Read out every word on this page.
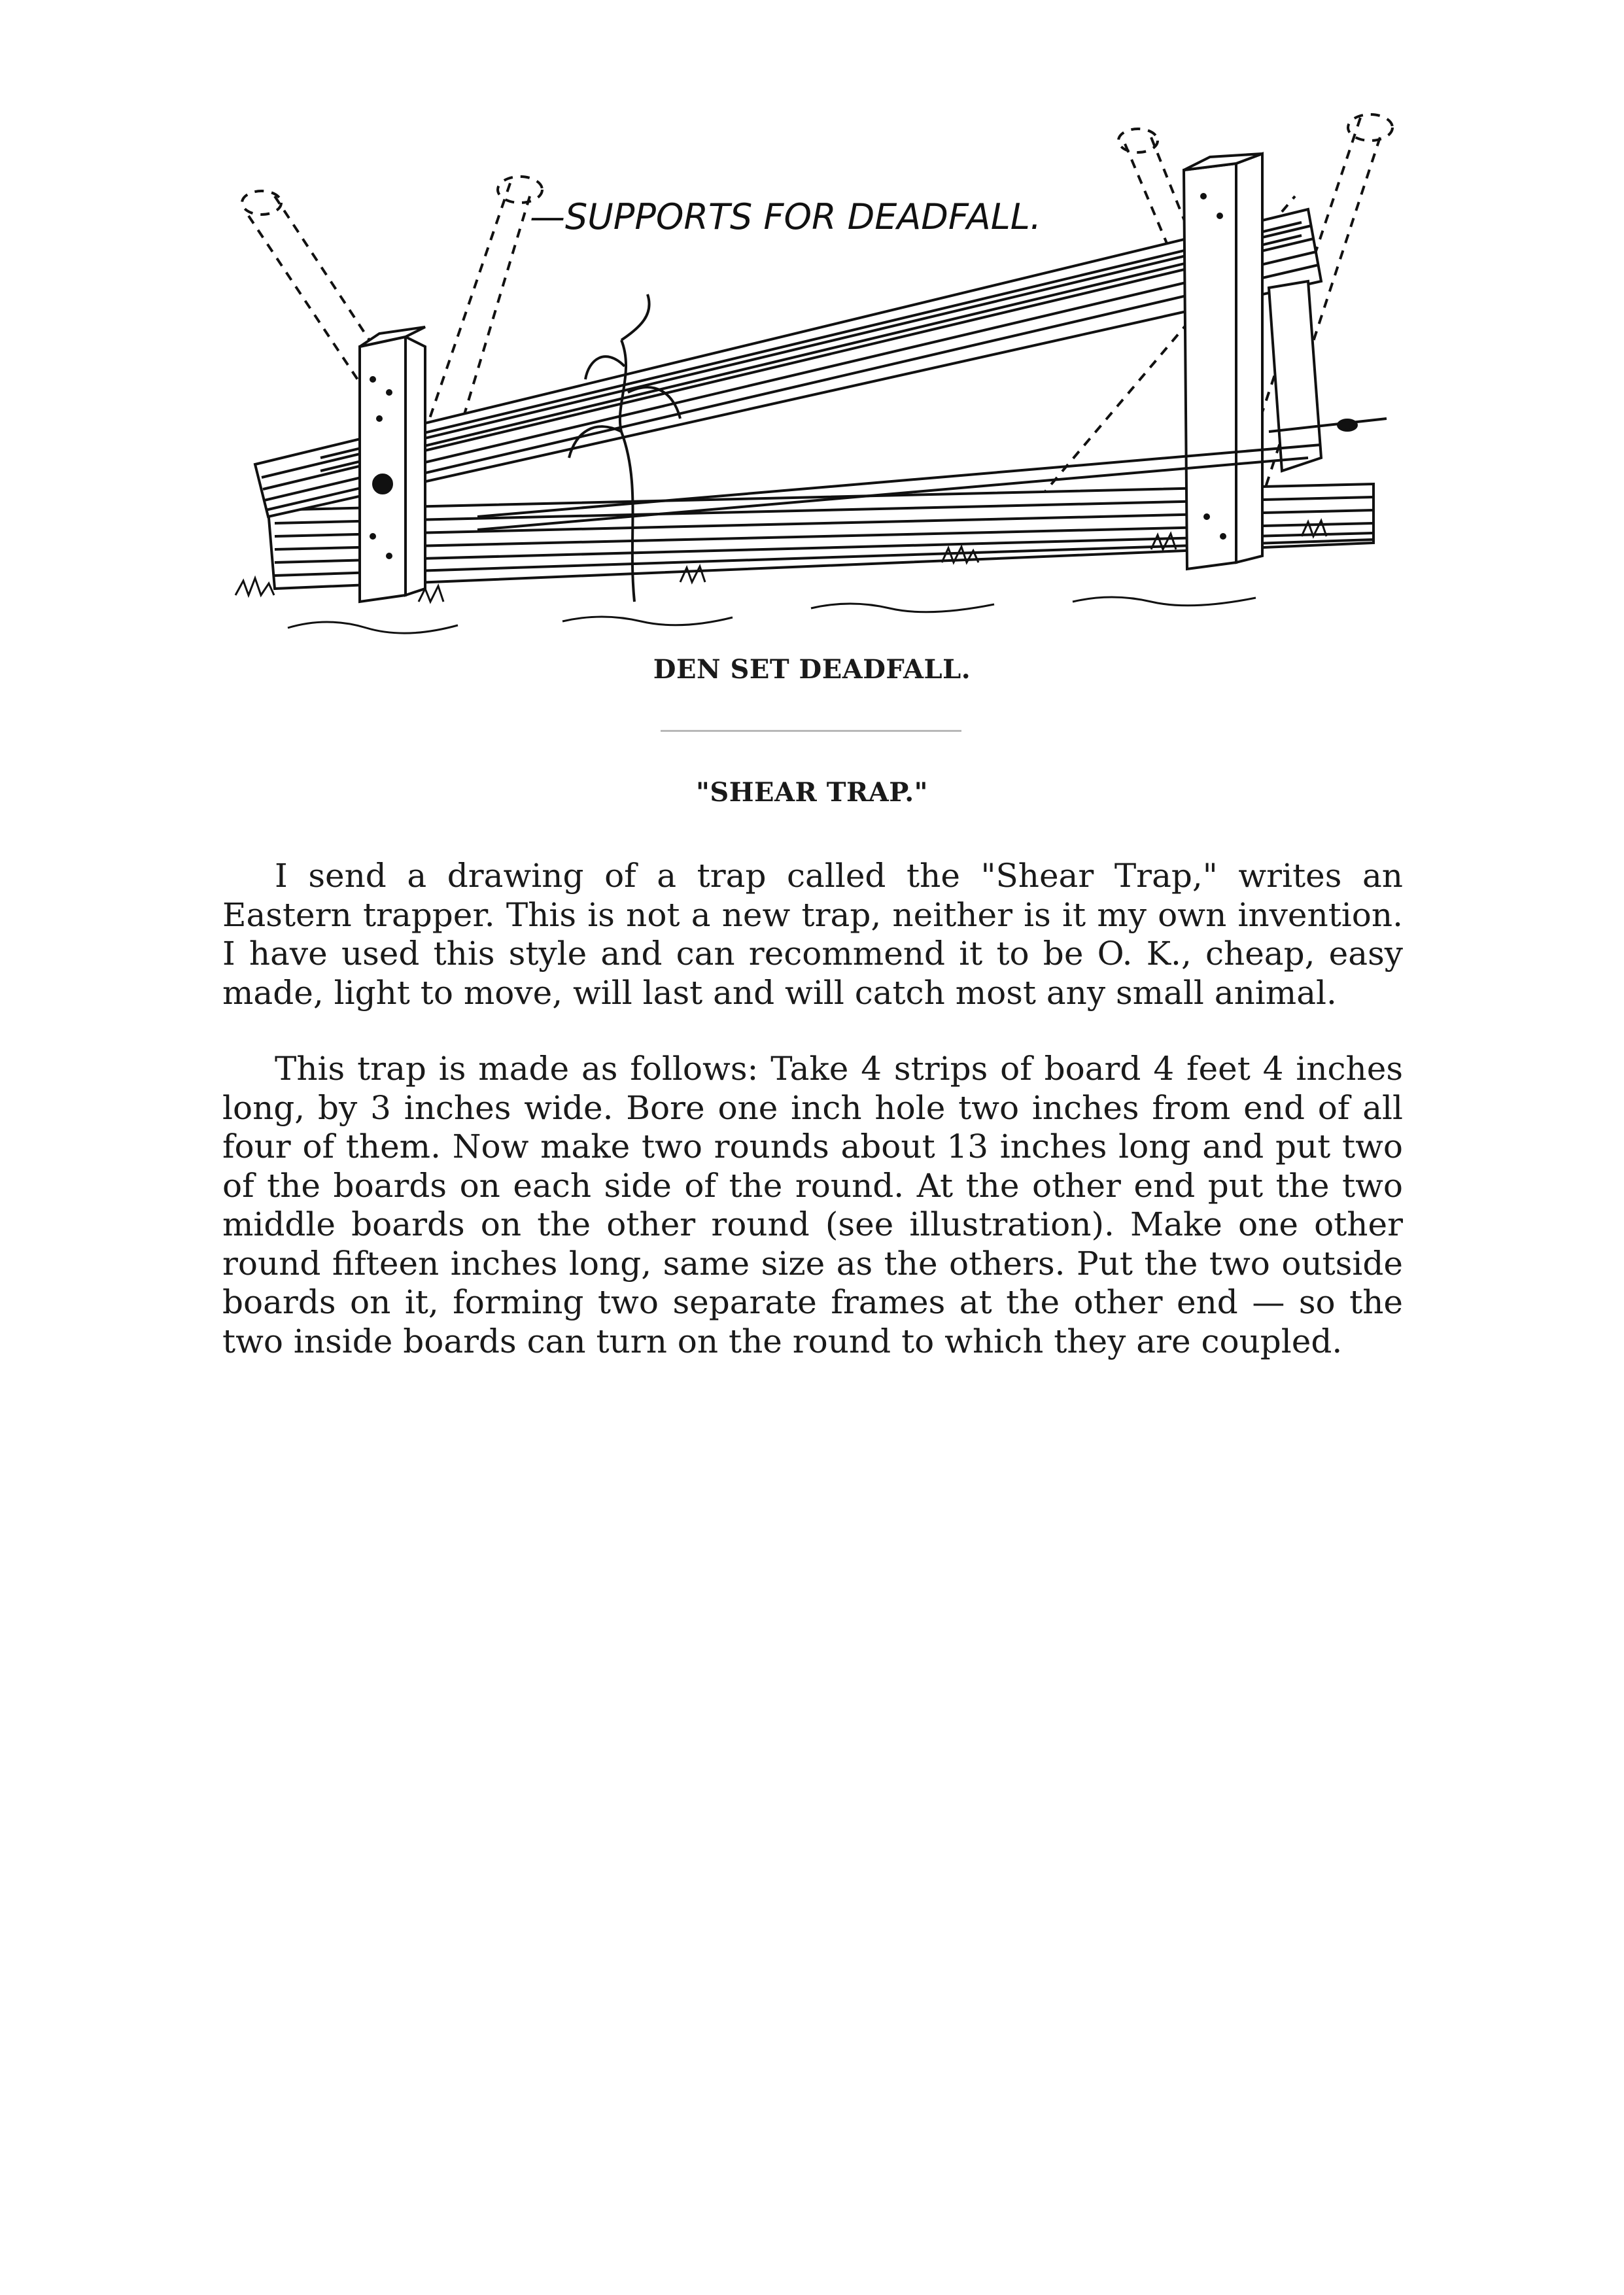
—SUPPORTS FOR DEADFALL.
DEN SET DEADFALL.
"SHEAR TRAP."

I send a drawing of a trap called the "Shear Trap," writes an Eastern trapper. This is not a new trap, neither is it my own invention. I have used this style and can recommend it to be O. K., cheap, easy made, light to move, will last and will catch most any small animal.

This trap is made as follows: Take 4 strips of board 4 feet 4 inches long, by 3 inches wide. Bore one inch hole two inches from end of all four of them. Now make two rounds about 13 inches long and put two of the boards on each side of the round. At the other end put the two middle boards on the other round (see illustration). Make one other round fifteen inches long, same size as the others. Put the two outside boards on it, forming two separate frames at the other end — so the two inside boards can turn on the round to which they are coupled.
